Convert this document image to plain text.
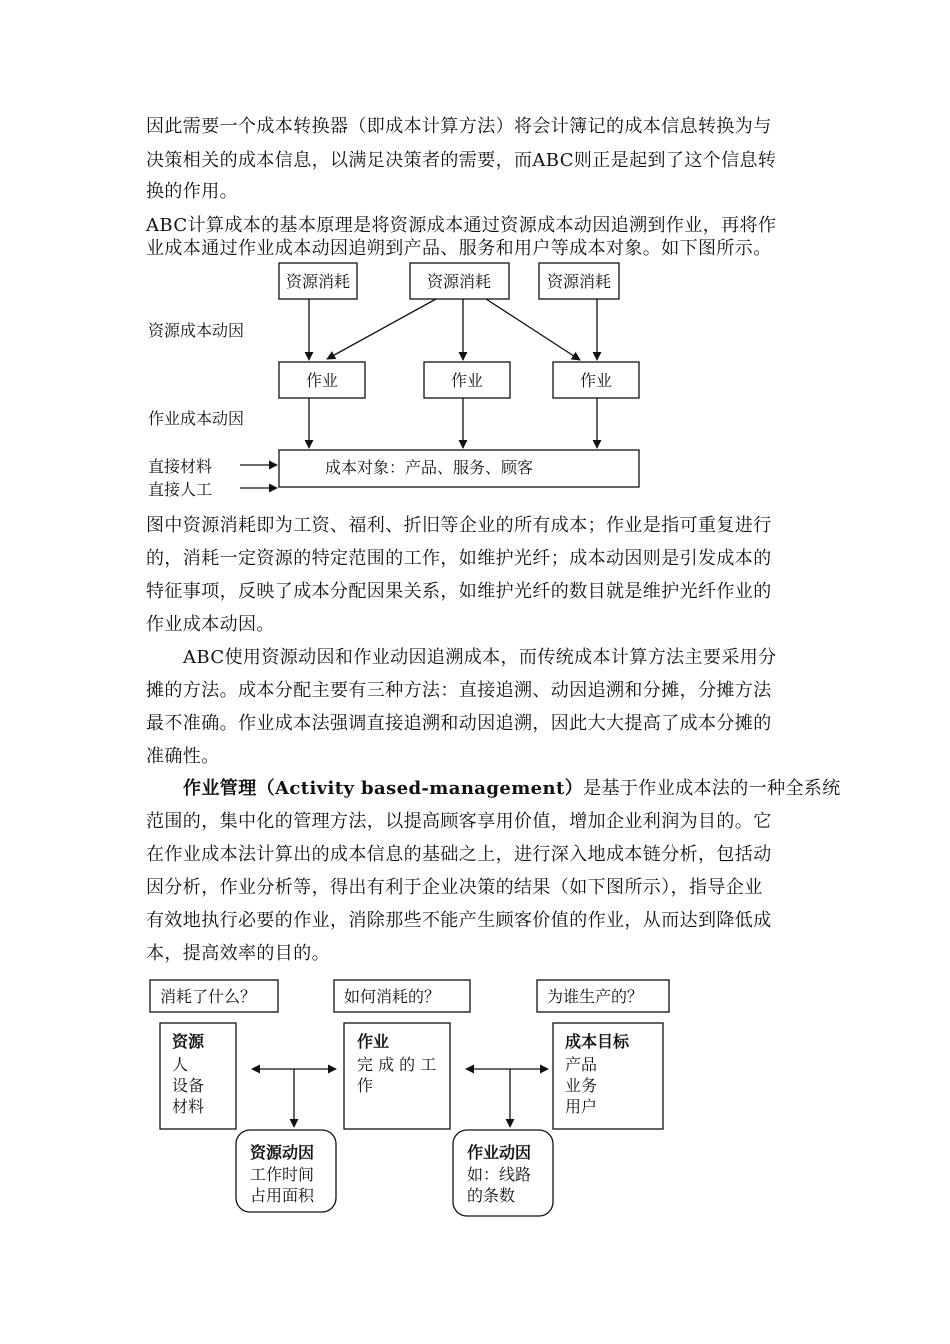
因此需要一个成本转换器（即成本计算方法）将会计簿记的成本信息转换为与
决策相关的成本信息，以满足决策者的需要，而ABC则正是起到了这个信息转
换的作用。
ABC计算成本的基本原理是将资源成本通过资源成本动因追溯到作业，再将作
业成本通过作业成本动因追朔到产品、服务和用户等成本对象。如下图所示。
资源消耗	资源消耗	资源消耗
作业	作业	作业
成本对象：产品、服务、顾客
资源成本动因
作业成本动因
直接材料
直接人工
图中资源消耗即为工资、福利、折旧等企业的所有成本；作业是指可重复进行
的，消耗一定资源的特定范围的工作，如维护光纤；成本动因则是引发成本的
特征事项，反映了成本分配因果关系，如维护光纤的数目就是维护光纤作业的
作业成本动因。
ABC使用资源动因和作业动因追溯成本，而传统成本计算方法主要采用分
摊的方法。成本分配主要有三种方法：直接追溯、动因追溯和分摊，分摊方法
最不准确。作业成本法强调直接追溯和动因追溯，因此大大提高了成本分摊的
准确性。
作业管理（Activity based-management）是基于作业成本法的一种全系统
范围的，集中化的管理方法，以提高顾客享用价值，增加企业利润为目的。它
在作业成本法计算出的成本信息的基础之上，进行深入地成本链分析，包括动
因分析，作业分析等，得出有利于企业决策的结果（如下图所示），指导企业
有效地执行必要的作业，消除那些不能产生顾客价值的作业，从而达到降低成
本，提高效率的目的。
消耗了什么？	如何消耗的？	为谁生产的？
资源
人
设备
材料
作业
完 成 的 工
作
成本目标
产品
业务
用户
资源动因
工作时间
占用面积
作业动因
如：线路
的条数
